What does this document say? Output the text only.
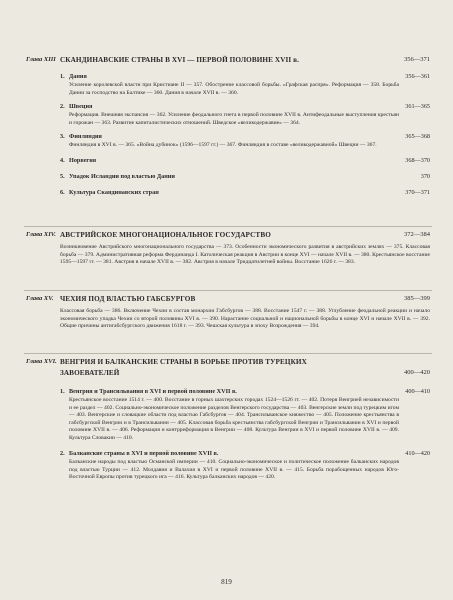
Глава XIII СКАНДИНАВСКИЕ СТРАНЫ В XVI — ПЕРВОЙ ПОЛОВИНЕ XVII в.	356—371
1. Дания	356—361
Усиление королевской власти при Кристиане II — 357. Обострение классовой борьбы. «Графская распря». Реформация — 358. Борьба Дании за господство на Балтике — 360. Дания в начале XVII в. — 360.
2. Швеция	361—365
Реформация. Внешняя экспансия — 362. Усиление феодального гнета в первой половине XVII в. Антифеодальные выступления крестьян и горожан — 363. Развитие капиталистических отношений. Шведское «великодержавие» — 364.
3. Финляндия	365—368
Финляндия в XVI в. — 365. «Война дубинок» (1596—1597 гг.) — 367. Финляндия в составе «великодержавной» Швеции — 367.
4. Норвегия	368—370
5. Упадок Исландии под властью Дании	370
6. Культура Скандинавских стран	370—371
Глава XIV. АВСТРИЙСКОЕ МНОГОНАЦИОНАЛЬНОЕ ГОСУДАРСТВО	372—384
Возникновение Австрийского многонационального государства — 373. Особенности экономического развития в австрийских землях — 375. Классовая борьба — 379. Административная реформа Фердинанда I. Католическая реакция в Австрии в конце XVI — начале XVII в. — 380. Крестьянское восстание 1595—1597 гг. — 381. Австрия в начале XVII в. — 382. Австрия в начале Тридцатилетней войны. Восстание 1626 г. — 383.
Глава XV. ЧЕХИЯ ПОД ВЛАСТЬЮ ГАБСБУРГОВ	385—399
Классовая борьба — 386. Включение Чехии в состав монархии Габсбургов — 388. Восстание 1547 г. — 388. Углубление феодальной реакции и начало экономического упадка Чехии со второй половины XVI в. — 390. Нарастание социальной и национальной борьбы в конце XVI и начале XVII в. — 392. Общие причины антигабсбургского движения 1618 г. — 393. Чешская культура в эпоху Возрождения — 394.
Глава XVI. ВЕНГРИЯ И БАЛКАНСКИЕ СТРАНЫ В БОРЬБЕ ПРОТИВ ТУРЕЦКИХ
ЗАВОЕВАТЕЛЕЙ	400—420
1. Венгрия и Трансильвания в XVI и первой половине XVII в.	400—410
Крестьянское восстание 1514 г. — 400. Восстание в горных шахтерских городах 1524—1526 гг. — 402. Потеря Венгрией независимости и ее раздел — 402. Социально-экономическое положение разделов Венгерского государства — 403. Венгерские земли под турецким игом — 403. Венгерские и словацкие области под властью Габсбургов — 404. Трансильванское княжество — 405. Положение крестьянства в габсбургской Венгрии и в Трансильвании — 405. Классовая борьба крестьянства габсбургской Венгрии и Трансильвании в XVI и первой половине XVII в. — 406. Реформация и контрреформация в Венгрии — 408. Культура Венгрии в XVI и первой половине XVII в. — 409. Культура Словакии — 410.
2. Балканские страны в XVI и первой половине XVII в.	410—420
Балканские народы под властью Османской империи — 410. Социально-экономическое и политическое положение балканских народов под властью Турции — 412. Молдавия и Валахия в XVI и первой половине XVII в. — 415. Борьба порабощенных народов Юго-Восточной Европы против турецкого ига — 416. Культура балканских народов — 420.
819
